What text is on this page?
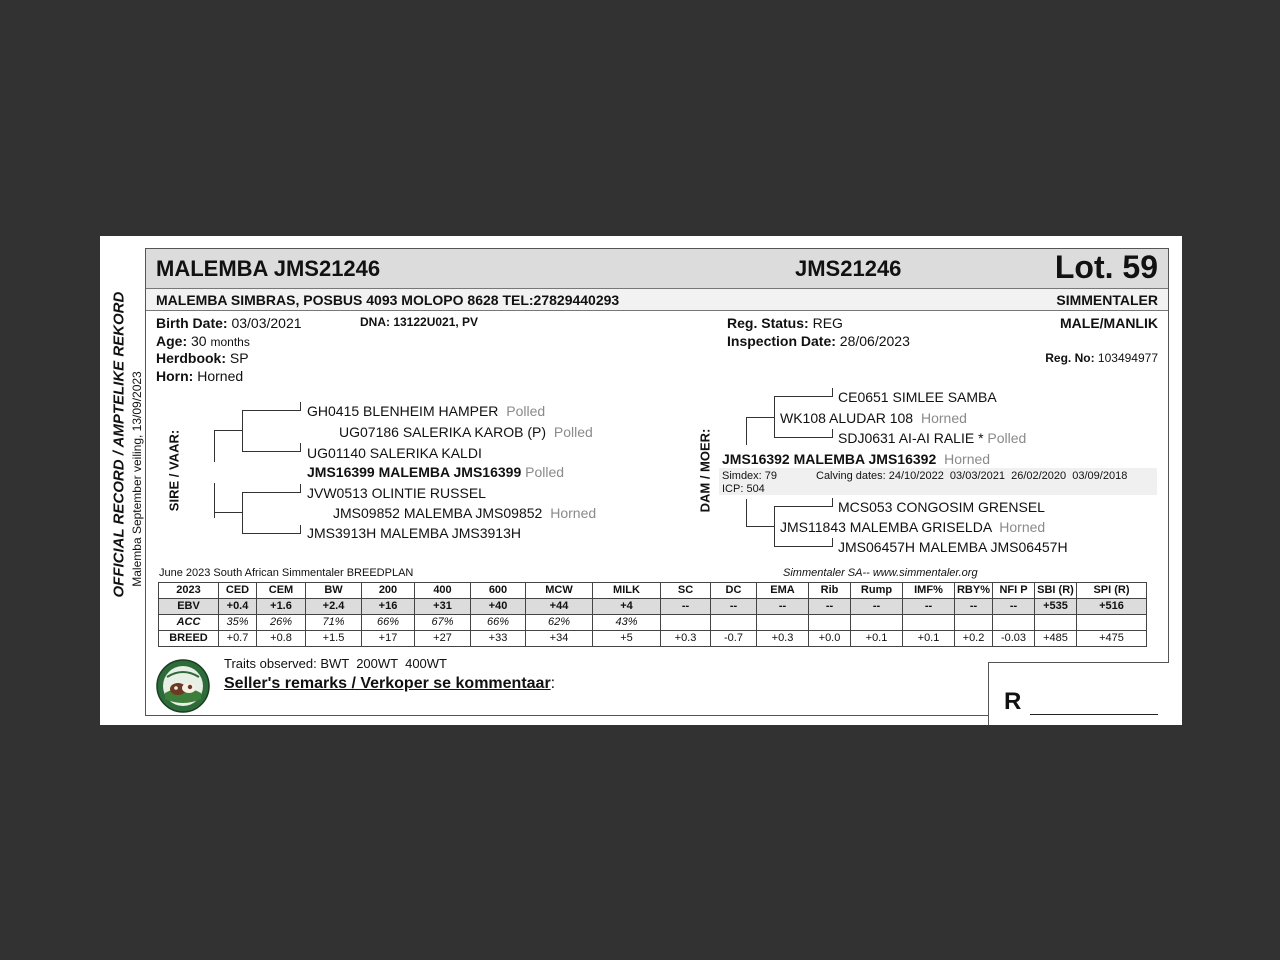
OFFICIAL RECORD / AMPTELIKE REKORD Malemba September veiling, 13/09/2023
MALEMBA JMS21246	JMS21246	Lot. 59
MALEMBA SIMBRAS, POSBUS 4093 MOLOPO 8628 TEL:27829440293	SIMMENTALER
Birth Date: 03/03/2021	DNA: 13122U021, PV
Age: 30 months
Herdbook: SP
Horn: Horned
Reg. Status: REG
Inspection Date: 28/06/2023
MALE/MANLIK
Reg. No: 103494977
SIRE / VAAR:
GH0415 BLENHEIM HAMPER Polled
UG07186 SALERIKA KAROB (P) Polled
UG01140 SALERIKA KALDI
JMS16399 MALEMBA JMS16399 Polled
JVW0513 OLINTIE RUSSEL
JMS09852 MALEMBA JMS09852 Horned
JMS3913H MALEMBA JMS3913H
DAM / MOER:
CE0651 SIMLEE SAMBA
WK108 ALUDAR 108 Horned
SDJ0631 AI-AI RALIE * Polled
JMS16392 MALEMBA JMS16392 Horned
Simdex: 79
ICP: 504
Calving dates: 24/10/2022  03/03/2021  26/02/2020  03/09/2018
MCS053 CONGOSIM GRENSEL
JMS11843 MALEMBA GRISELDA Horned
JMS06457H MALEMBA JMS06457H
June 2023 South African Simmentaler BREEDPLAN	Simmentaler SA-- www.simmentaler.org
2023	CED	CEM	BW	200	400	600	MCW	MILK	SC	DC	EMA	Rib	Rump	IMF%	RBY%	NFI P	SBI (R)	SPI (R)
EBV	+0.4	+1.6	+2.4	+16	+31	+40	+44	+4	--	--	--	--	--	--	--	--	+535	+516
ACC	35%	26%	71%	66%	67%	66%	62%	43%										
BREED	+0.7	+0.8	+1.5	+17	+27	+33	+34	+5	+0.3	-0.7	+0.3	+0.0	+0.1	+0.1	+0.2	-0.03	+485	+475
Traits observed: BWT  200WT  400WT
Seller's remarks / Verkoper se kommentaar:
R
